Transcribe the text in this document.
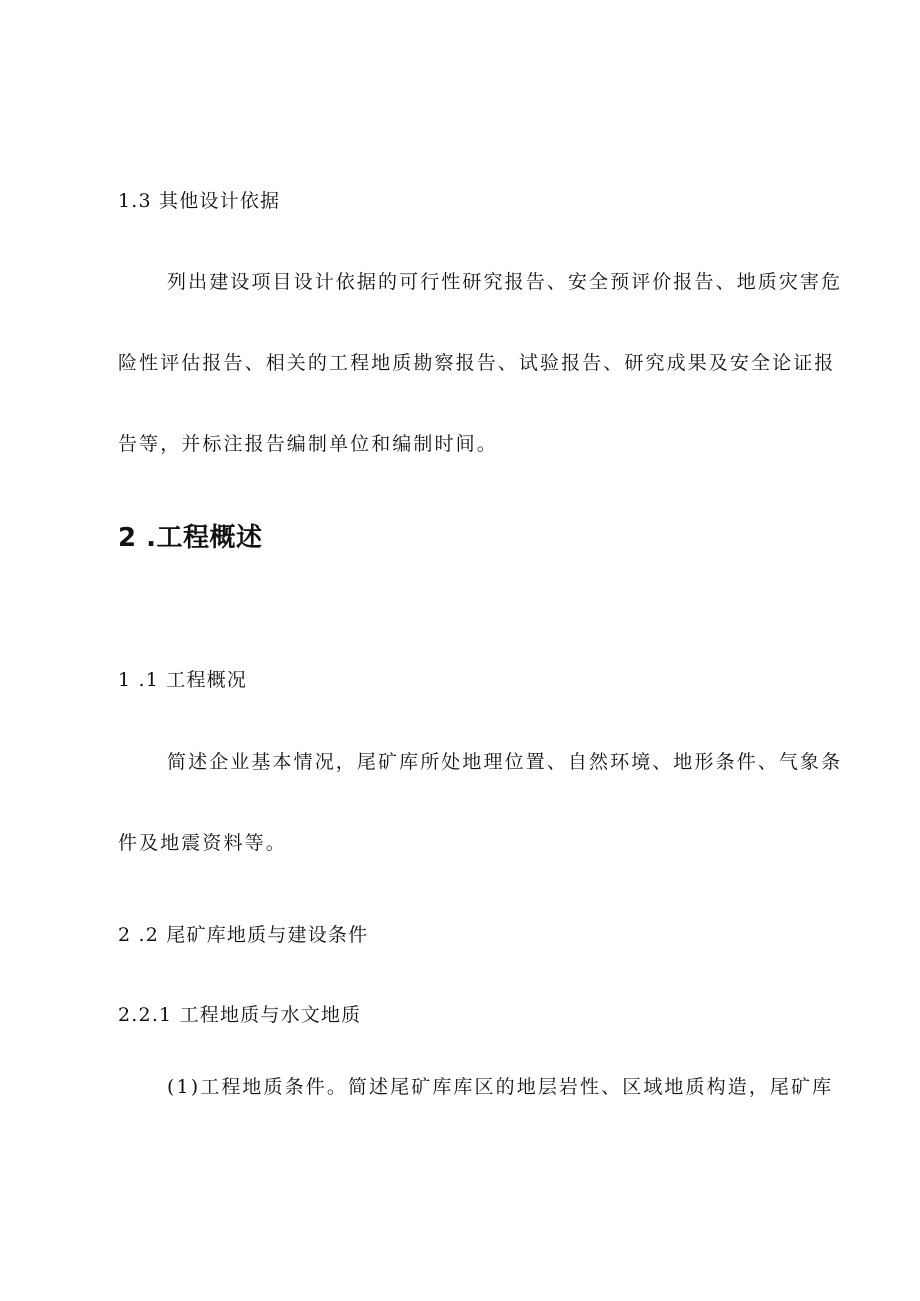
1.3 其他设计依据
列出建设项目设计依据的可行性研究报告、安全预评价报告、地质灾害危
险性评估报告、相关的工程地质勘察报告、试验报告、研究成果及安全论证报
告等，并标注报告编制单位和编制时间。
2 .工程概述
1 .1 工程概况
简述企业基本情况，尾矿库所处地理位置、自然环境、地形条件、气象条
件及地震资料等。
2 .2 尾矿库地质与建设条件
2.2.1 工程地质与水文地质
(1)工程地质条件。简述尾矿库库区的地层岩性、区域地质构造，尾矿库
